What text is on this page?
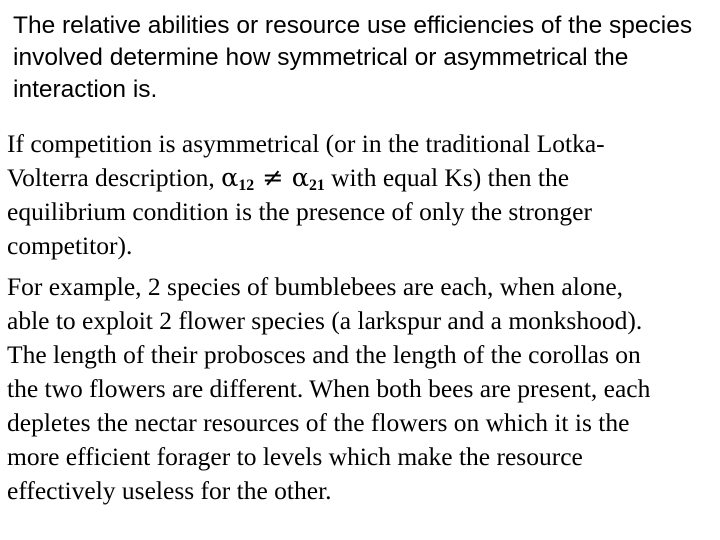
The relative abilities or resource use efficiencies of the species
involved determine how symmetrical or asymmetrical the
interaction is.
If competition is asymmetrical (or in the traditional Lotka-
Volterra description, $\alpha_{12} \ne \alpha_{21}$ with equal Ks) then the
equilibrium condition is the presence of only the stronger
competitor).
For example, 2 species of bumblebees are each, when alone,
able to exploit 2 flower species (a larkspur and a monkshood).
The length of their probosces and the length of the corollas on
the two flowers are different. When both bees are present, each
depletes the nectar resources of the flowers on which it is the
more efficient forager to levels which make the resource
effectively useless for the other.
